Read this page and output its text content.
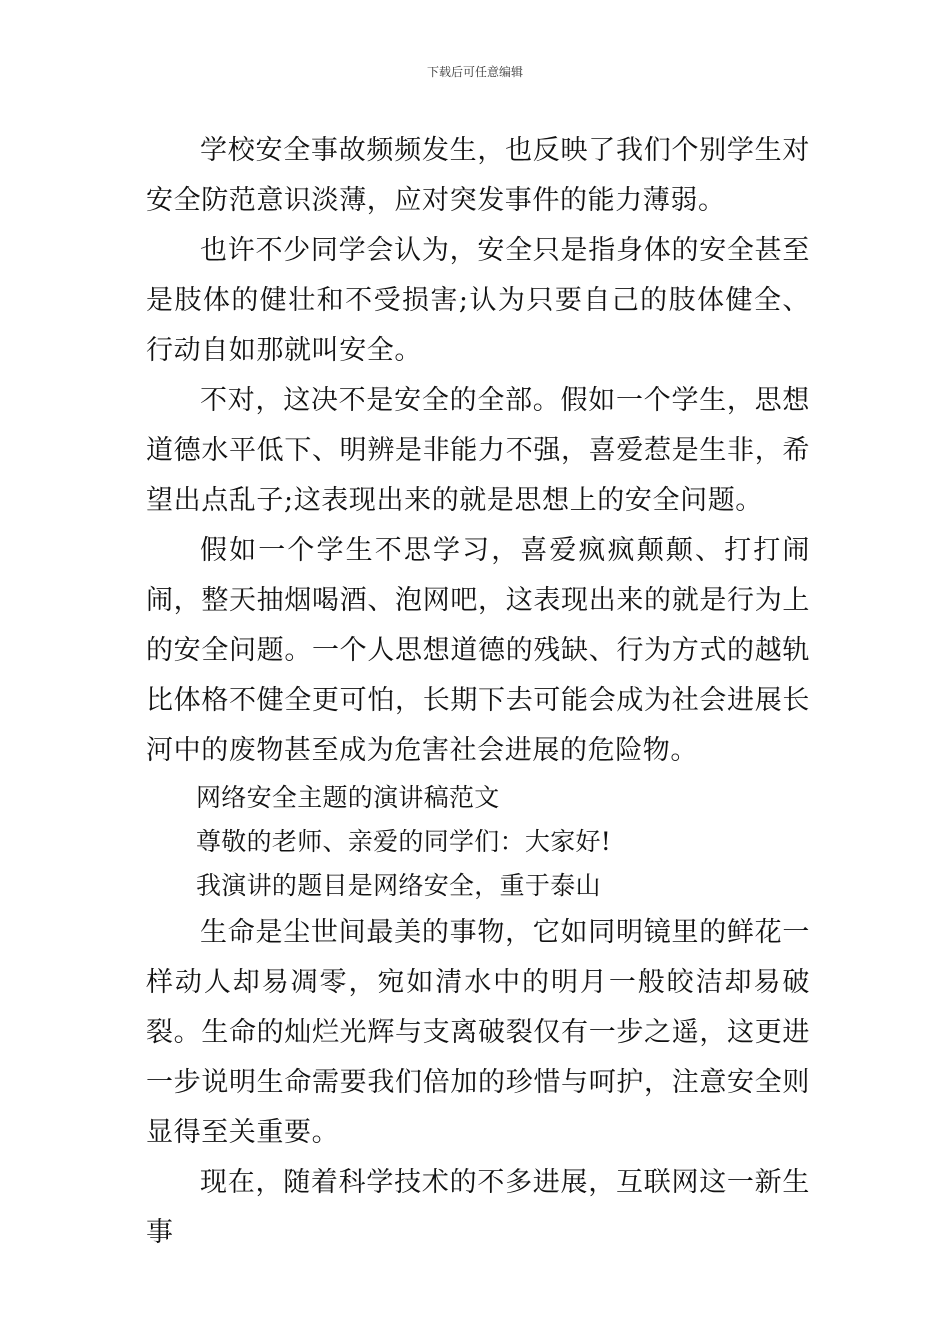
下载后可任意编辑

学校安全事故频频发生，也反映了我们个别学生对安全防范意识淡薄，应对突发事件的能力薄弱。

也许不少同学会认为，安全只是指身体的安全甚至是肢体的健壮和不受损害;认为只要自己的肢体健全、行动自如那就叫安全。

不对，这决不是安全的全部。假如一个学生，思想道德水平低下、明辨是非能力不强，喜爱惹是生非，希望出点乱子;这表现出来的就是思想上的安全问题。

假如一个学生不思学习，喜爱疯疯颠颠、打打闹闹，整天抽烟喝酒、泡网吧，这表现出来的就是行为上的安全问题。一个人思想道德的残缺、行为方式的越轨比体格不健全更可怕，长期下去可能会成为社会进展长河中的废物甚至成为危害社会进展的危险物。

网络安全主题的演讲稿范文

尊敬的老师、亲爱的同学们：大家好!

我演讲的题目是网络安全，重于泰山

生命是尘世间最美的事物，它如同明镜里的鲜花一样动人却易凋零，宛如清水中的明月一般皎洁却易破裂。生命的灿烂光辉与支离破裂仅有一步之遥，这更进一步说明生命需要我们倍加的珍惜与呵护，注意安全则显得至关重要。

现在，随着科学技术的不多进展，互联网这一新生事
